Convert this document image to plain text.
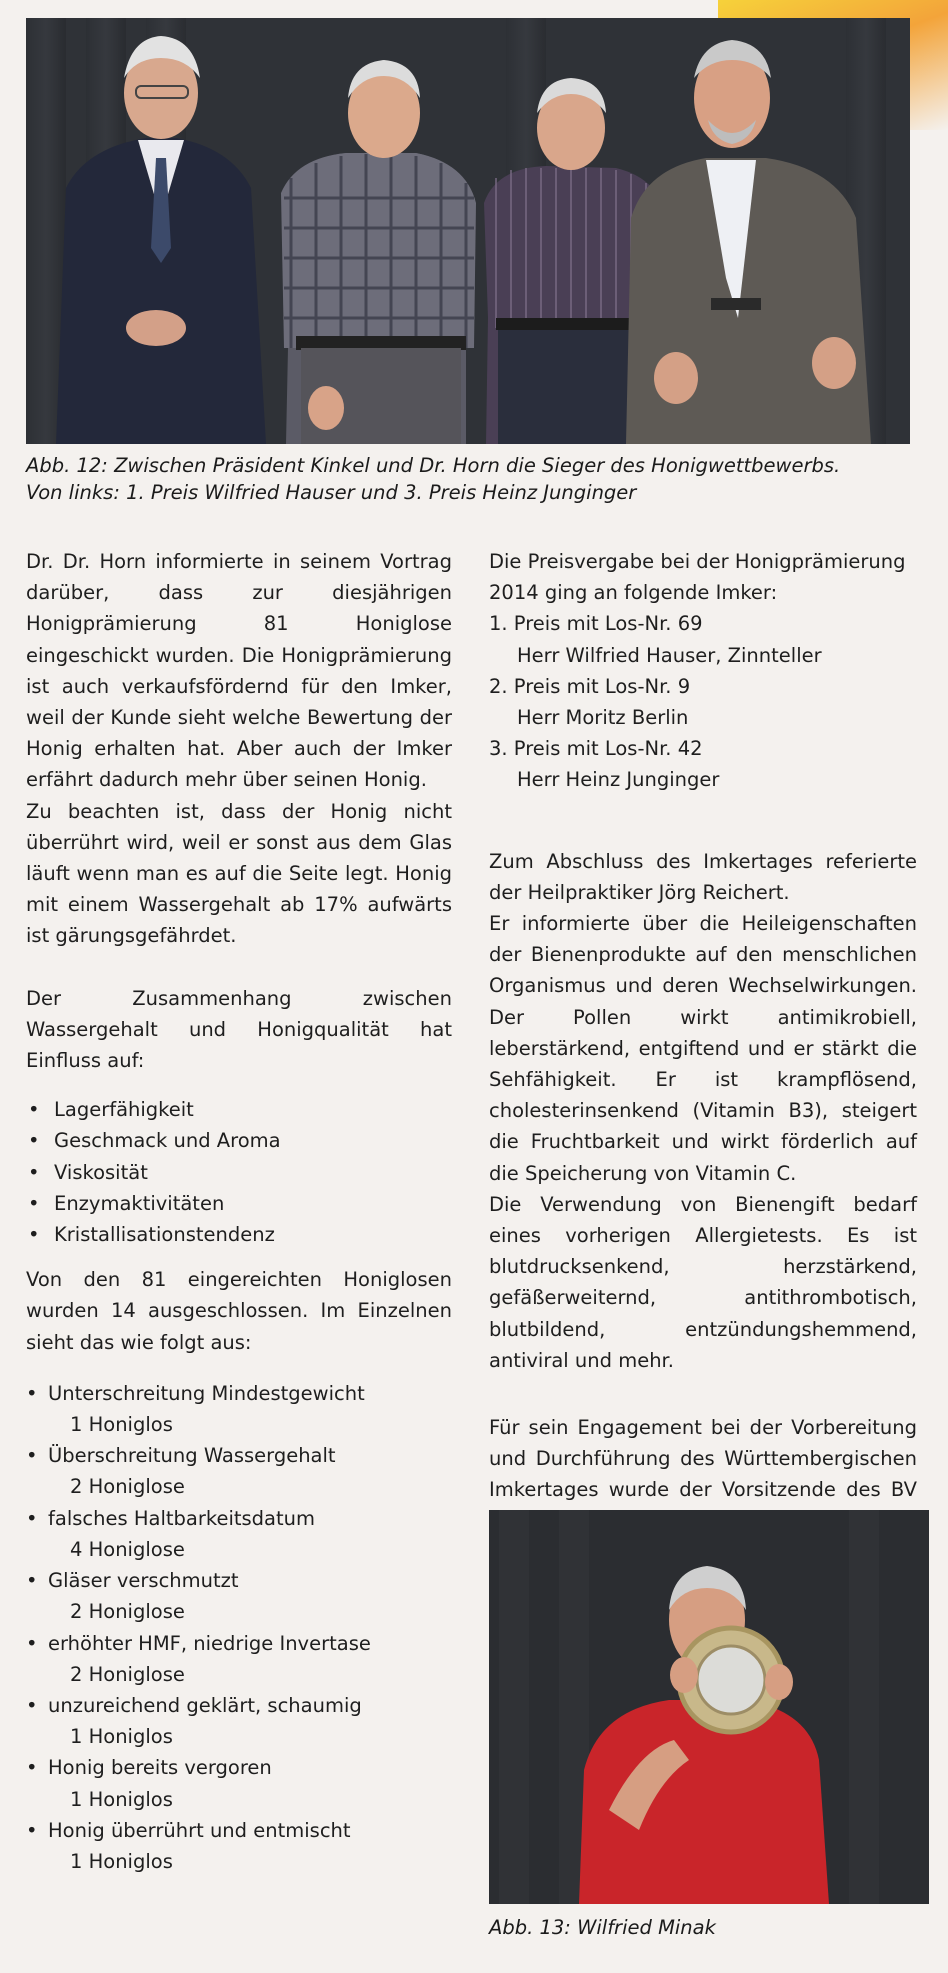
Abb. 12: Zwischen Präsident Kinkel und Dr. Horn die Sieger des Honigwettbewerbs.
Von links: 1. Preis Wilfried Hauser und 3. Preis Heinz Junginger

Dr. Dr. Horn informierte in seinem Vortrag darüber, dass zur diesjährigen Honigprämierung 81 Honiglose eingeschickt wurden. Die Honigprämierung ist auch verkaufsfördernd für den Imker, weil der Kunde sieht welche Bewertung der Honig erhalten hat. Aber auch der Imker erfährt dadurch mehr über seinen Honig.

Zu beachten ist, dass der Honig nicht überrührt wird, weil er sonst aus dem Glas läuft wenn man es auf die Seite legt. Honig mit einem Wassergehalt ab 17% aufwärts ist gärungsgefährdet.

Der Zusammenhang zwischen Wassergehalt und Honigqualität hat Einfluss auf:

• Lagerfähigkeit
• Geschmack und Aroma
• Viskosität
• Enzymaktivitäten
• Kristallisationstendenz

Von den 81 eingereichten Honiglosen wurden 14 ausgeschlossen. Im Einzelnen sieht das wie folgt aus:

• Unterschreitung Mindestgewicht
1 Honiglos
• Überschreitung Wassergehalt
2 Honiglose
• falsches Haltbarkeitsdatum
4 Honiglose
• Gläser verschmutzt
2 Honiglose
• erhöhter HMF, niedrige Invertase
2 Honiglose
• unzureichend geklärt, schaumig
1 Honiglos
• Honig bereits vergoren
1 Honiglos
• Honig überrührt und entmischt
1 Honiglos

Die Preisvergabe bei der Honigprämierung 2014 ging an folgende Imker:

1. Preis mit Los-Nr. 69
Herr Wilfried Hauser, Zinnteller
2. Preis mit Los-Nr. 9
Herr Moritz Berlin
3. Preis mit Los-Nr. 42
Herr Heinz Junginger

Zum Abschluss des Imkertages referierte der Heilpraktiker Jörg Reichert.

Er informierte über die Heileigenschaften der Bienenprodukte auf den menschlichen Organismus und deren Wechselwirkungen. Der Pollen wirkt antimikrobiell, leberstärkend, entgiftend und er stärkt die Sehfähigkeit. Er ist krampflösend, cholesterinsenkend (Vitamin B3), steigert die Fruchtbarkeit und wirkt förderlich auf die Speicherung von Vitamin C.

Die Verwendung von Bienengift bedarf eines vorherigen Allergietests. Es ist blutdrucksenkend, herzstärkend, gefäßerweiternd, antithrombotisch, blutbildend, entzündungshemmend, antiviral und mehr.

Für sein Engagement bei der Vorbereitung und Durchführung des Württembergischen Imkertages wurde der Vorsitzende des BV

Abb. 13: Wilfried Minak
